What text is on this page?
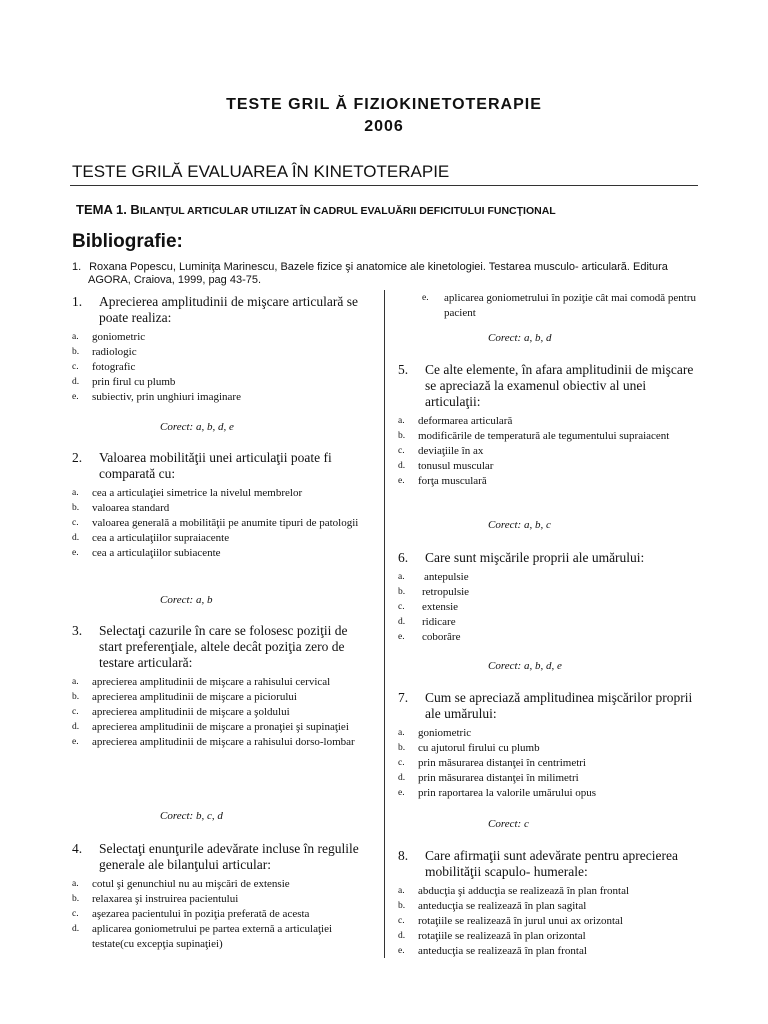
TESTE GRIL Ă FIZIOKINETOTERAPIE
2006
TESTE GRILĂ EVALUAREA ÎN KINETOTERAPIE
TEMA 1. BILANŢUL ARTICULAR UTILIZAT ÎN CADRUL EVALUĂRII DEFICITULUI FUNCŢIONAL
Bibliografie:
1. Roxana Popescu, Luminiţa Marinescu, Bazele fizice şi anatomice ale kinetologiei. Testarea musculo- articulară. Editura
AGORA, Craiova, 1999, pag 43-75.
1. Aprecierea amplitudinii de mişcare articulară se poate realiza:
a. goniometric
b. radiologic
c. fotografic
d. prin firul cu plumb
e. subiectiv, prin unghiuri imaginare
Corect: a, b, d, e
2. Valoarea mobilităţii unei articulaţii poate fi comparată cu:
a. cea a articulaţiei simetrice la nivelul membrelor
b. valoarea standard
c. valoarea generală a mobilităţii pe anumite tipuri de patologii
d. cea a articulaţiilor supraiacente
e. cea a articulaţiilor subiacente
Corect: a, b
3. Selectaţi cazurile în care se folosesc poziţii de start preferenţiale, altele decât poziţia zero de testare articulară:
a. aprecierea amplitudinii de mişcare a rahisului cervical
b. aprecierea amplitudinii de mişcare a piciorului
c. aprecierea amplitudinii de mişcare a şoldului
d. aprecierea amplitudinii de mişcare a pronaţiei şi supinaţiei
e. aprecierea amplitudinii de mişcare a rahisului dorso-lombar
Corect: b, c, d
4. Selectaţi enunţurile adevărate incluse în regulile generale ale bilanţului articular:
a. cotul şi genunchiul nu au mişcări de extensie
b. relaxarea şi instruirea pacientului
c. aşezarea pacientului în poziţia preferată de acesta
d. aplicarea goniometrului pe partea externă a articulaţiei testate(cu excepţia supinaţiei)
e. aplicarea goniometrului în poziţie cât mai comodă pentru pacient
Corect: a, b, d
5. Ce alte elemente, în afara amplitudinii de mişcare se apreciază la examenul obiectiv al unei articulaţii:
a. deformarea articulară
b. modificările de temperatură ale tegumentului supraiacent
c. deviaţiile în ax
d. tonusul muscular
e. forţa musculară
Corect: a, b, c
6. Care sunt mişcările proprii ale umărului:
a.	antepulsie
b.	retropulsie
c.	extensie
d.	ridicare
e.	coborâre
Corect: a, b, d, e
7. Cum se apreciază amplitudinea mişcărilor proprii ale umărului:
a. goniometric
b. cu ajutorul firului cu plumb
c. prin măsurarea distanţei în centrimetri
d. prin măsurarea distanţei în milimetri
e. prin raportarea la valorile umărului opus
Corect: c
8. Care afirmaţii sunt adevărate pentru aprecierea mobilităţii scapulo- humerale:
a. abducţia şi adducţia se realizează în plan frontal
b. anteducţia se realizează în plan sagital
c. rotaţiile se realizează în jurul unui ax orizontal
d. rotaţiile se realizează în plan orizontal
e. anteducţia se realizează în plan frontal
